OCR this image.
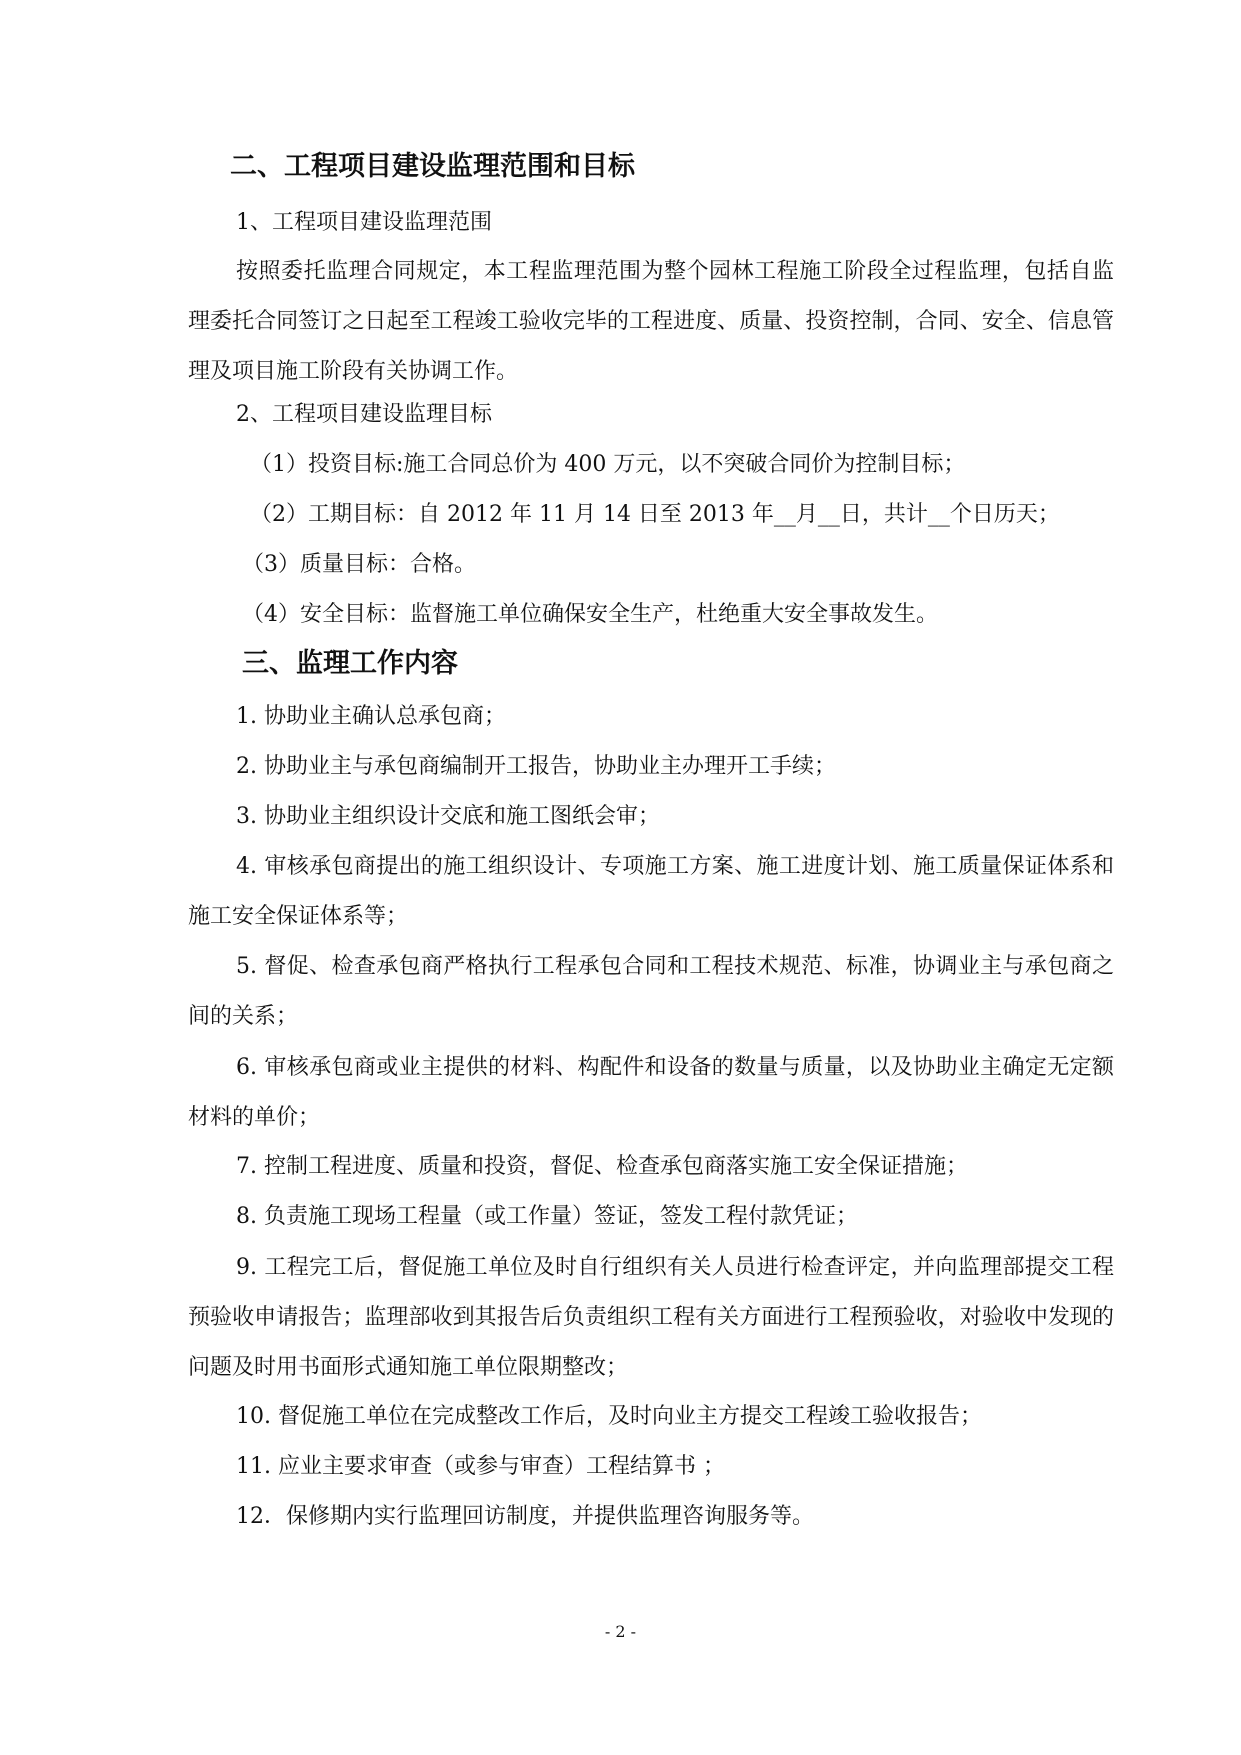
二、工程项目建设监理范围和目标

1、工程项目建设监理范围

按照委托监理合同规定，本工程监理范围为整个园林工程施工阶段全过程监理，包括自监理委托合同签订之日起至工程竣工验收完毕的工程进度、质量、投资控制，合同、安全、信息管理及项目施工阶段有关协调工作。

2、工程项目建设监理目标

（1）投资目标:施工合同总价为 400 万元，以不突破合同价为控制目标；

（2）工期目标：自 2012 年 11 月 14 日至 2013 年__月__日，共计__个日历天；

（3）质量目标：合格。

（4）安全目标：监督施工单位确保安全生产，杜绝重大安全事故发生。

三、监理工作内容

1. 协助业主确认总承包商；

2. 协助业主与承包商编制开工报告，协助业主办理开工手续；

3. 协助业主组织设计交底和施工图纸会审；

4. 审核承包商提出的施工组织设计、专项施工方案、施工进度计划、施工质量保证体系和施工安全保证体系等；

5. 督促、检查承包商严格执行工程承包合同和工程技术规范、标准，协调业主与承包商之间的关系；

6. 审核承包商或业主提供的材料、构配件和设备的数量与质量，以及协助业主确定无定额材料的单价；

7. 控制工程进度、质量和投资，督促、检查承包商落实施工安全保证措施；

8. 负责施工现场工程量（或工作量）签证，签发工程付款凭证；

9. 工程完工后，督促施工单位及时自行组织有关人员进行检查评定，并向监理部提交工程预验收申请报告；监理部收到其报告后负责组织工程有关方面进行工程预验收，对验收中发现的问题及时用书面形式通知施工单位限期整改；

10. 督促施工单位在完成整改工作后，及时向业主方提交工程竣工验收报告；

11. 应业主要求审查（或参与审查）工程结算书 ；

12．保修期内实行监理回访制度，并提供监理咨询服务等。

- 2 -
